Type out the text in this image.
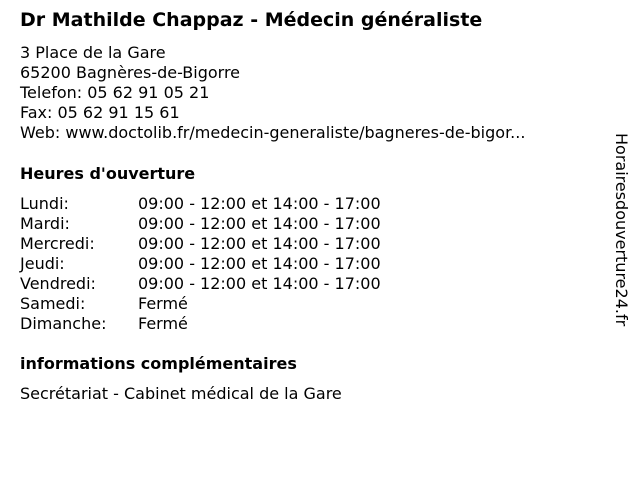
Dr Mathilde Chappaz - Médecin généraliste
3 Place de la Gare
65200 Bagnères-de-Bigorre
Telefon: 05 62 91 05 21
Fax: 05 62 91 15 61
Web: www.doctolib.fr/medecin-generaliste/bagneres-de-bigor...
Heures d'ouverture
Lundi:	09:00 - 12:00 et 14:00 - 17:00
Mardi:	09:00 - 12:00 et 14:00 - 17:00
Mercredi:	09:00 - 12:00 et 14:00 - 17:00
Jeudi:	09:00 - 12:00 et 14:00 - 17:00
Vendredi:	09:00 - 12:00 et 14:00 - 17:00
Samedi:	Fermé
Dimanche: Fermé
informations complémentaires
Secrétariat - Cabinet médical de la Gare
Horairesdouverture24.fr
